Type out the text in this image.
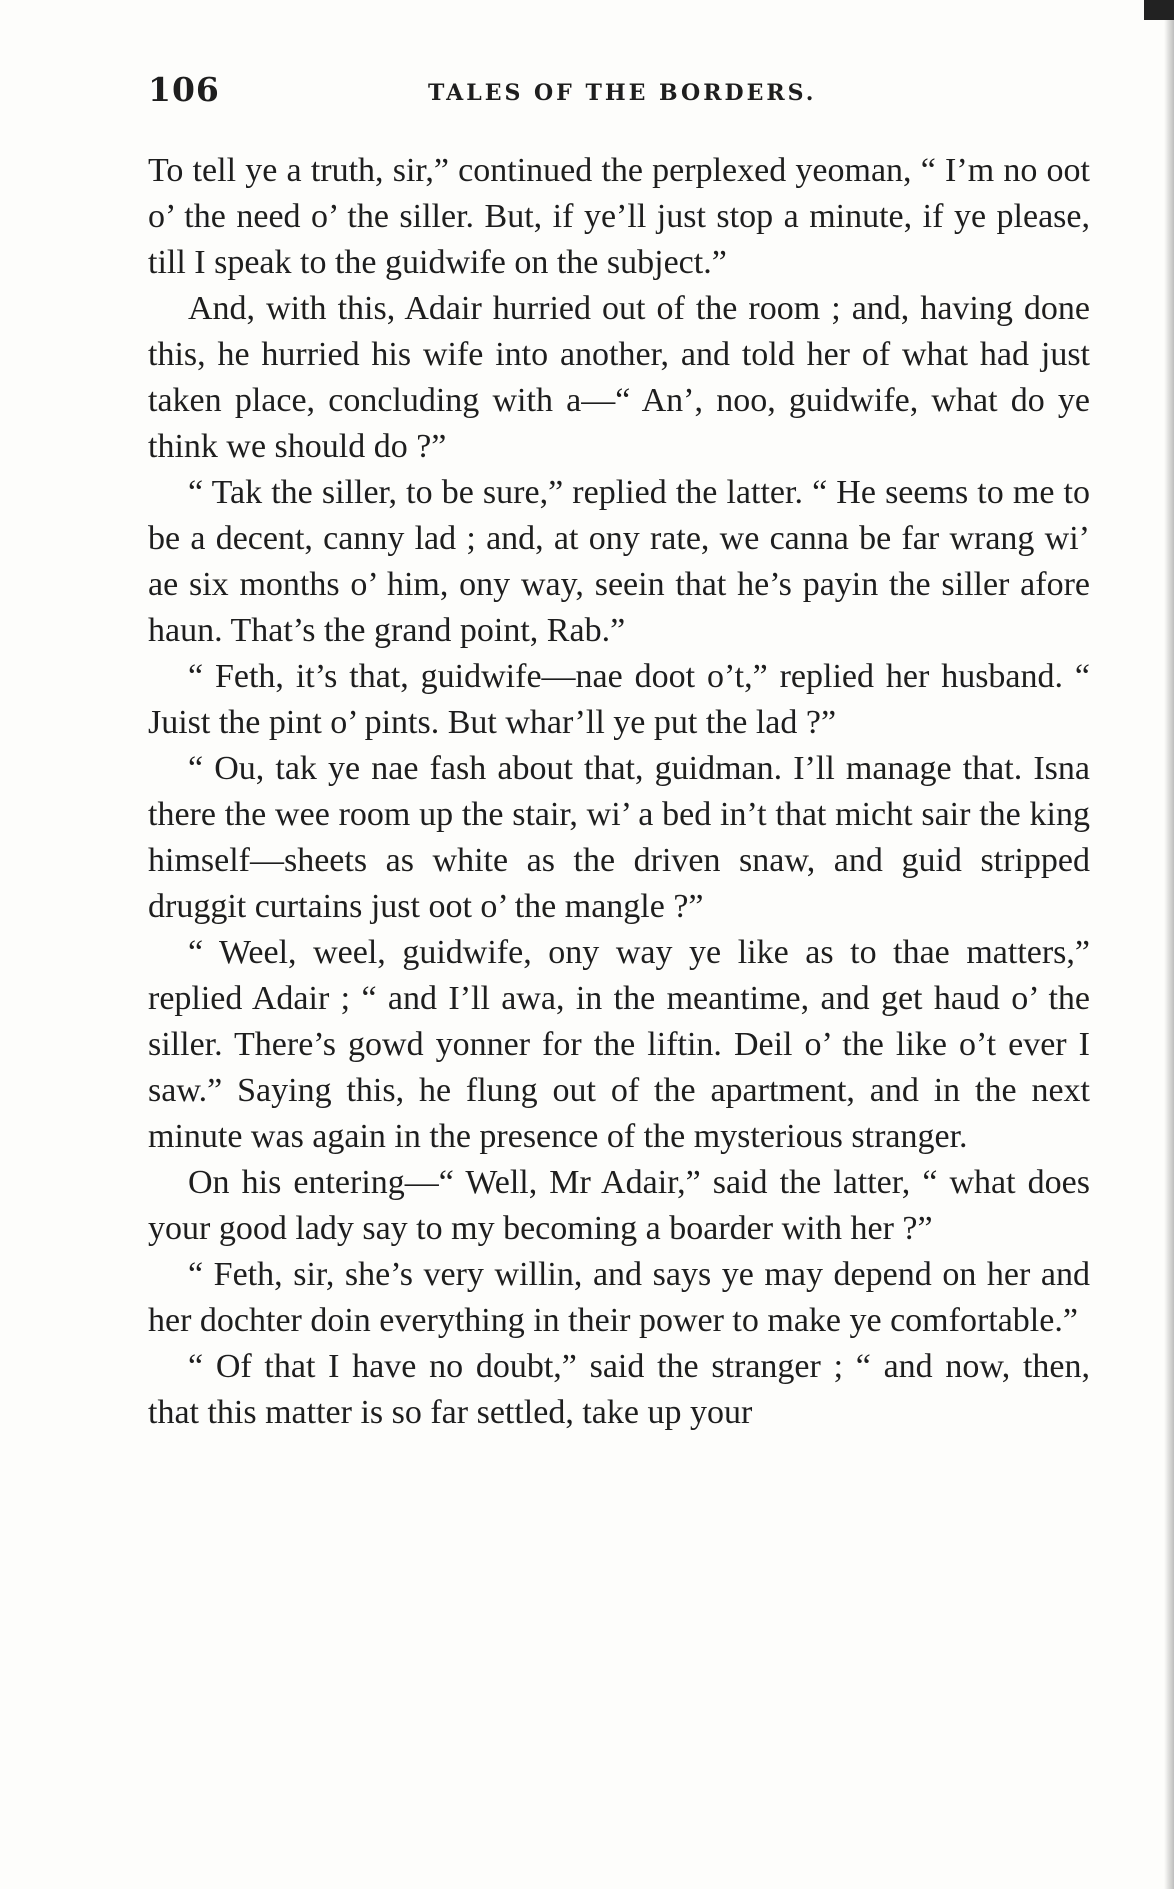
106	TALES OF THE BORDERS.

To tell ye a truth, sir,” continued the perplexed yeoman, “ I’m no oot o’ the need o’ the siller. But, if ye’ll just stop a minute, if ye please, till I speak to the guidwife on the subject.”

And, with this, Adair hurried out of the room ; and, having done this, he hurried his wife into another, and told her of what had just taken place, concluding with a—“ An’, noo, guidwife, what do ye think we should do ?”

“ Tak the siller, to be sure,” replied the latter. “ He seems to me to be a decent, canny lad ; and, at ony rate, we canna be far wrang wi’ ae six months o’ him, ony way, seein that he’s payin the siller afore haun. That’s the grand point, Rab.”

“ Feth, it’s that, guidwife—nae doot o’t,” replied her husband. “ Juist the pint o’ pints. But whar’ll ye put the lad ?”

“ Ou, tak ye nae fash about that, guidman. I’ll manage that. Isna there the wee room up the stair, wi’ a bed in’t that micht sair the king himself—sheets as white as the driven snaw, and guid stripped druggit curtains just oot o’ the mangle ?”

“ Weel, weel, guidwife, ony way ye like as to thae matters,” replied Adair ; “ and I’ll awa, in the meantime, and get haud o’ the siller. There’s gowd yonner for the liftin. Deil o’ the like o’t ever I saw.” Saying this, he flung out of the apartment, and in the next minute was again in the presence of the mysterious stranger.

On his entering—“ Well, Mr Adair,” said the latter, “ what does your good lady say to my becoming a boarder with her ?”

“ Feth, sir, she’s very willin, and says ye may depend on her and her dochter doin everything in their power to make ye comfortable.”

“ Of that I have no doubt,” said the stranger ; “ and now, then, that this matter is so far settled, take up your
